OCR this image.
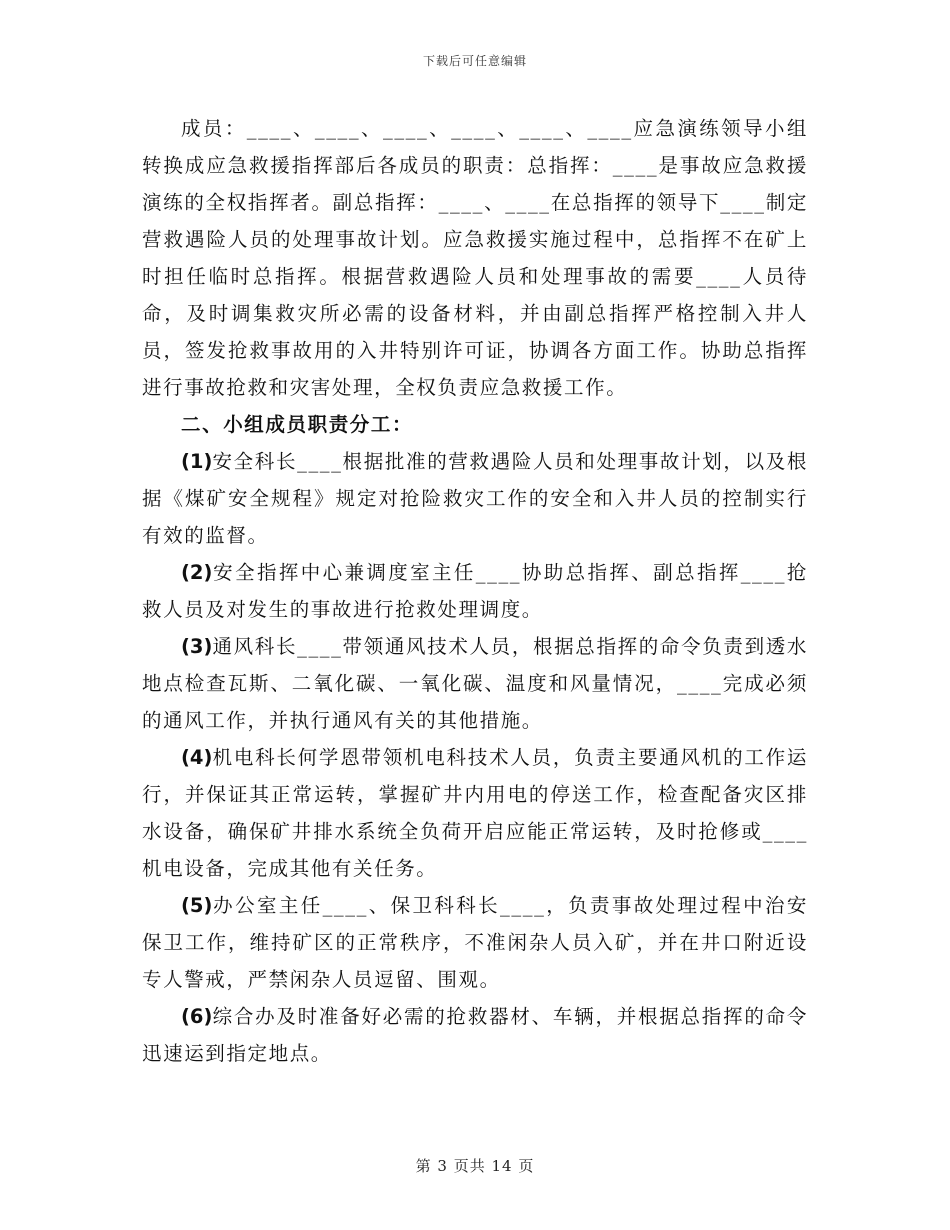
下载后可任意编辑

成员：____、____、____、____、____、____应急演练领导小组转换成应急救援指挥部后各成员的职责：总指挥：____是事故应急救援演练的全权指挥者。副总指挥：____、____在总指挥的领导下____制定营救遇险人员的处理事故计划。应急救援实施过程中，总指挥不在矿上时担任临时总指挥。根据营救遇险人员和处理事故的需要____人员待命，及时调集救灾所必需的设备材料，并由副总指挥严格控制入井人员，签发抢救事故用的入井特别许可证，协调各方面工作。协助总指挥进行事故抢救和灾害处理，全权负责应急救援工作。

二、小组成员职责分工：

(1)安全科长____根据批准的营救遇险人员和处理事故计划，以及根据《煤矿安全规程》规定对抢险救灾工作的安全和入井人员的控制实行有效的监督。

(2)安全指挥中心兼调度室主任____协助总指挥、副总指挥____抢救人员及对发生的事故进行抢救处理调度。

(3)通风科长____带领通风技术人员，根据总指挥的命令负责到透水地点检查瓦斯、二氧化碳、一氧化碳、温度和风量情况，____完成必须的通风工作，并执行通风有关的其他措施。

(4)机电科长何学恩带领机电科技术人员，负责主要通风机的工作运行，并保证其正常运转，掌握矿井内用电的停送工作，检查配备灾区排水设备，确保矿井排水系统全负荷开启应能正常运转，及时抢修或____机电设备，完成其他有关任务。

(5)办公室主任____、保卫科科长____，负责事故处理过程中治安保卫工作，维持矿区的正常秩序，不准闲杂人员入矿，并在井口附近设专人警戒，严禁闲杂人员逗留、围观。

(6)综合办及时准备好必需的抢救器材、车辆，并根据总指挥的命令迅速运到指定地点。

第 3 页共 14 页
